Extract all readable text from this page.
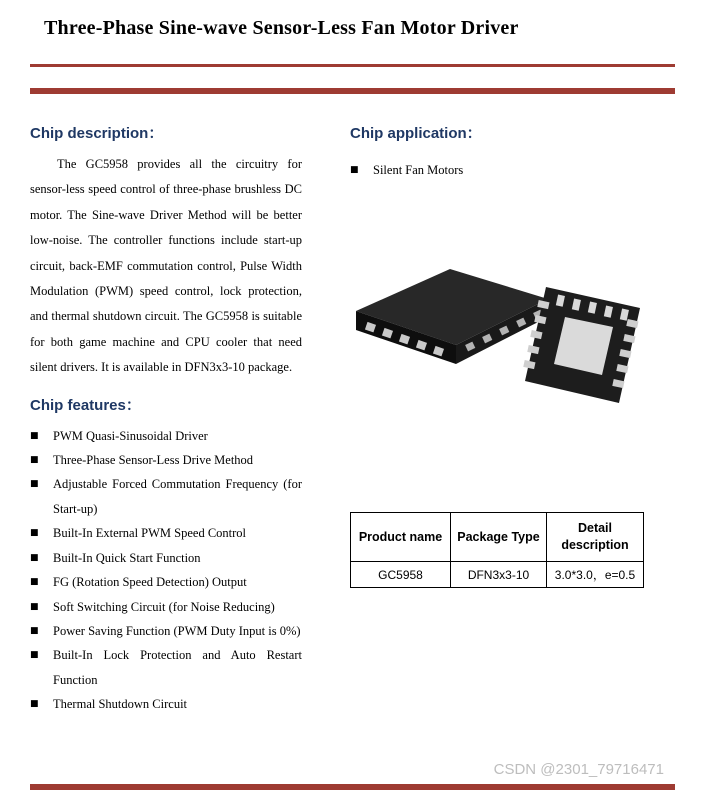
Three-Phase Sine-wave Sensor-Less Fan Motor Driver
Chip description：

The GC5958 provides all the circuitry for sensor-less speed control of three-phase brushless DC motor. The Sine-wave Driver Method will be better low-noise. The controller functions include start-up circuit, back-EMF commutation control, Pulse Width Modulation (PWM) speed control, lock protection, and thermal shutdown circuit. The GC5958 is suitable for both game machine and CPU cooler that need silent drivers. It is available in DFN3x3-10 package.

Chip features：
■	PWM Quasi-Sinusoidal Driver
■	Three-Phase Sensor-Less Drive Method
■	Adjustable Forced Commutation Frequency (for Start-up)
■	Built-In External PWM Speed Control
■	Built-In Quick Start Function
■	FG (Rotation Speed Detection) Output
■	Soft Switching Circuit (for Noise Reducing)
■	Power Saving Function (PWM Duty Input is 0%)
■	Built-In Lock Protection and Auto Restart Function
■	Thermal Shutdown Circuit
Chip application：
■	Silent Fan Motors
Product name	Package Type	Detail description
GC5958	DFN3x3-10	3.0*3.0，e=0.5
CSDN @2301_79716471
